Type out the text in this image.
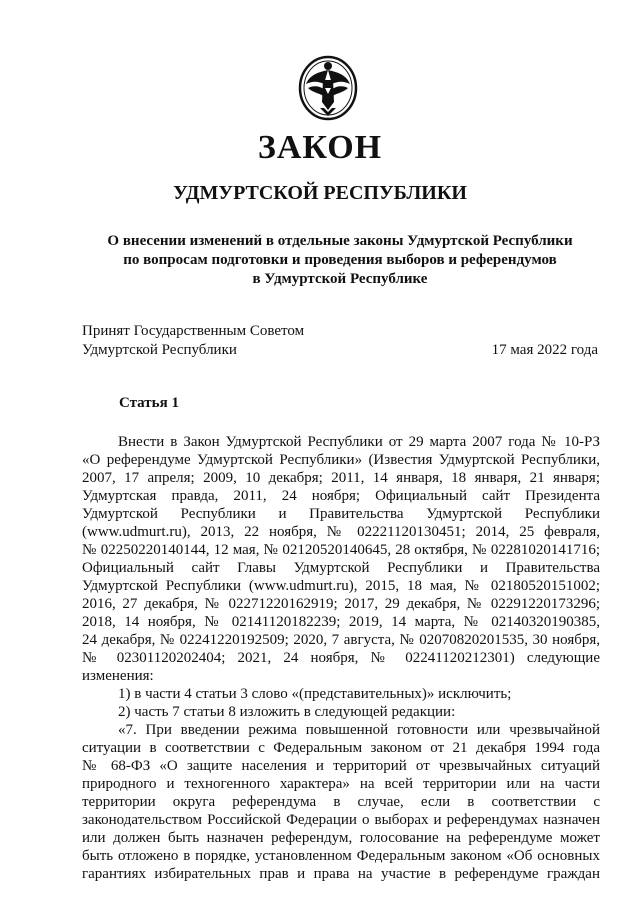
ЗАКОН
УДМУРТСКОЙ РЕСПУБЛИКИ
О внесении изменений в отдельные законы Удмуртской Республики
по вопросам подготовки и проведения выборов и референдумов
в Удмуртской Республике
Принят Государственным Советом
Удмуртской Республики	17 мая 2022 года
Статья 1
Внести в Закон Удмуртской Республики от 29 марта 2007 года № 10-РЗ
«О референдуме Удмуртской Республики» (Известия Удмуртской Республики,
2007, 17 апреля; 2009, 10 декабря; 2011, 14 января, 18 января, 21 января;
Удмуртская правда, 2011, 24 ноября; Официальный сайт Президента
Удмуртской Республики и Правительства Удмуртской Республики
(www.udmurt.ru), 2013, 22 ноября, № 02221120130451; 2014, 25 февраля,
№ 02250220140144, 12 мая, № 02120520140645, 28 октября, № 02281020141716;
Официальный сайт Главы Удмуртской Республики и Правительства
Удмуртской Республики (www.udmurt.ru), 2015, 18 мая, № 02180520151002;
2016, 27 декабря, № 02271220162919; 2017, 29 декабря, № 02291220173296;
2018, 14 ноября, № 02141120182239; 2019, 14 марта, № 02140320190385,
24 декабря, № 02241220192509; 2020, 7 августа, № 02070820201535, 30 ноября,
№ 02301120202404; 2021, 24 ноября, № 02241120212301) следующие
изменения:
1) в части 4 статьи 3 слово «(представительных)» исключить;
2) часть 7 статьи 8 изложить в следующей редакции:
«7. При введении режима повышенной готовности или чрезвычайной
ситуации в соответствии с Федеральным законом от 21 декабря 1994 года
№ 68-ФЗ «О защите населения и территорий от чрезвычайных ситуаций
природного и техногенного характера» на всей территории или на части
территории округа референдума в случае, если в соответствии с
законодательством Российской Федерации о выборах и референдумах назначен
или должен быть назначен референдум, голосование на референдуме может
быть отложено в порядке, установленном Федеральным законом «Об основных
гарантиях избирательных прав и права на участие в референдуме граждан
